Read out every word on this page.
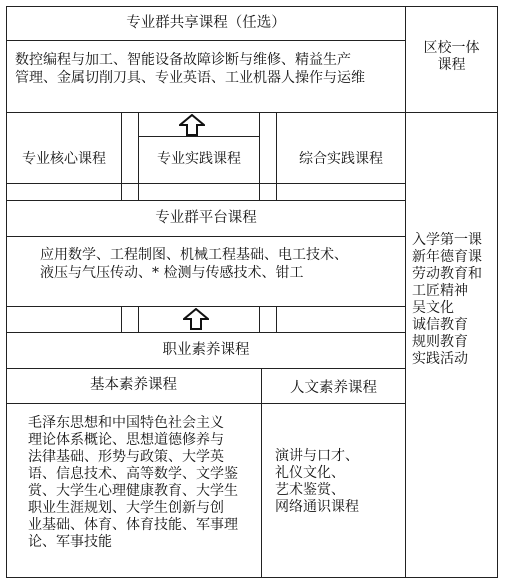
专业群共享课程（任选）
数控编程与加工、智能设备故障诊断与维修、精益生产
管理、金属切削刀具、专业英语、工业机器人操作与运维
区校一体
课程
专业核心课程	专业实践课程	综合实践课程
专业群平台课程
应用数学、工程制图、机械工程基础、电工技术、
液压与气压传动、* 检测与传感技术、钳工
入学第一课
新年德育课
劳动教育和
工匠精神
吴文化
诚信教育
规则教育
实践活动
职业素养课程
基本素养课程
毛泽东思想和中国特色社会主义
理论体系概论、思想道德修养与
法律基础、形势与政策、大学英
语、信息技术、高等数学、文学鉴
赏、大学生心理健康教育、大学生
职业生涯规划、大学生创新与创
业基础、体育、体育技能、军事理
论、军事技能
人文素养课程
演讲与口才、
礼仪文化、
艺术鉴赏、
网络通识课程
